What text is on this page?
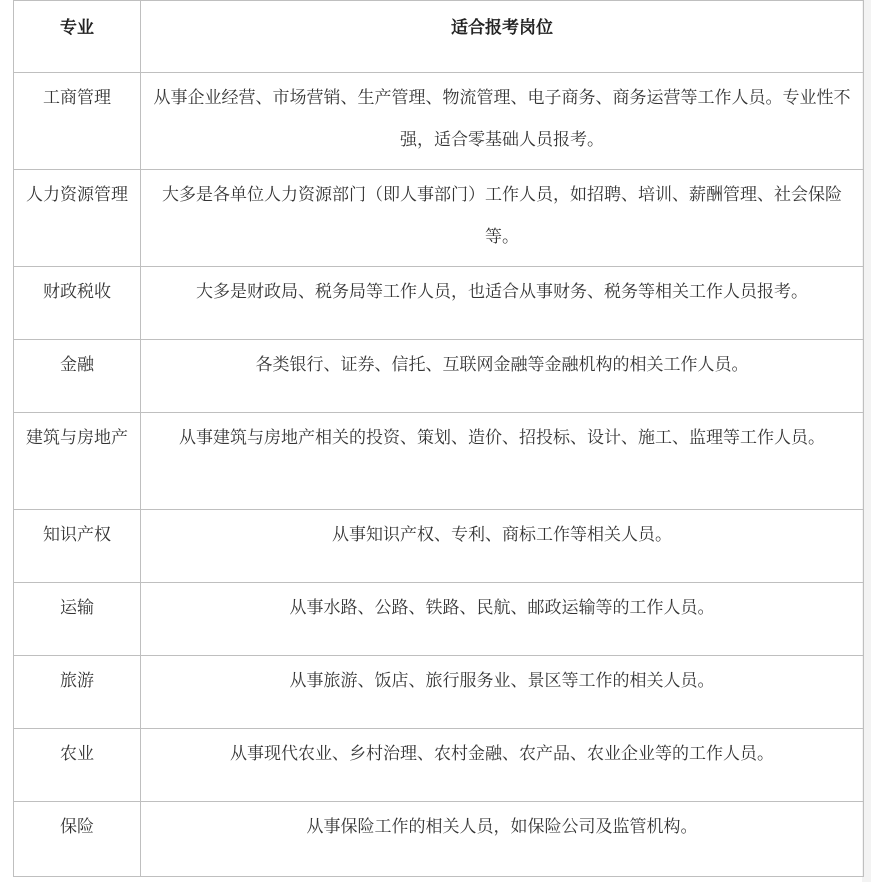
专业	适合报考岗位
工商管理	从事企业经营、市场营销、生产管理、物流管理、电子商务、商务运营等工作人员。专业性不强，适合零基础人员报考。
人力资源管理	大多是各单位人力资源部门（即人事部门）工作人员，如招聘、培训、薪酬管理、社会保险等。
财政税收	大多是财政局、税务局等工作人员，也适合从事财务、税务等相关工作人员报考。
金融	各类银行、证券、信托、互联网金融等金融机构的相关工作人员。
建筑与房地产	从事建筑与房地产相关的投资、策划、造价、招投标、设计、施工、监理等工作人员。
知识产权	从事知识产权、专利、商标工作等相关人员。
运输	从事水路、公路、铁路、民航、邮政运输等的工作人员。
旅游	从事旅游、饭店、旅行服务业、景区等工作的相关人员。
农业	从事现代农业、乡村治理、农村金融、农产品、农业企业等的工作人员。
保险	从事保险工作的相关人员，如保险公司及监管机构。
